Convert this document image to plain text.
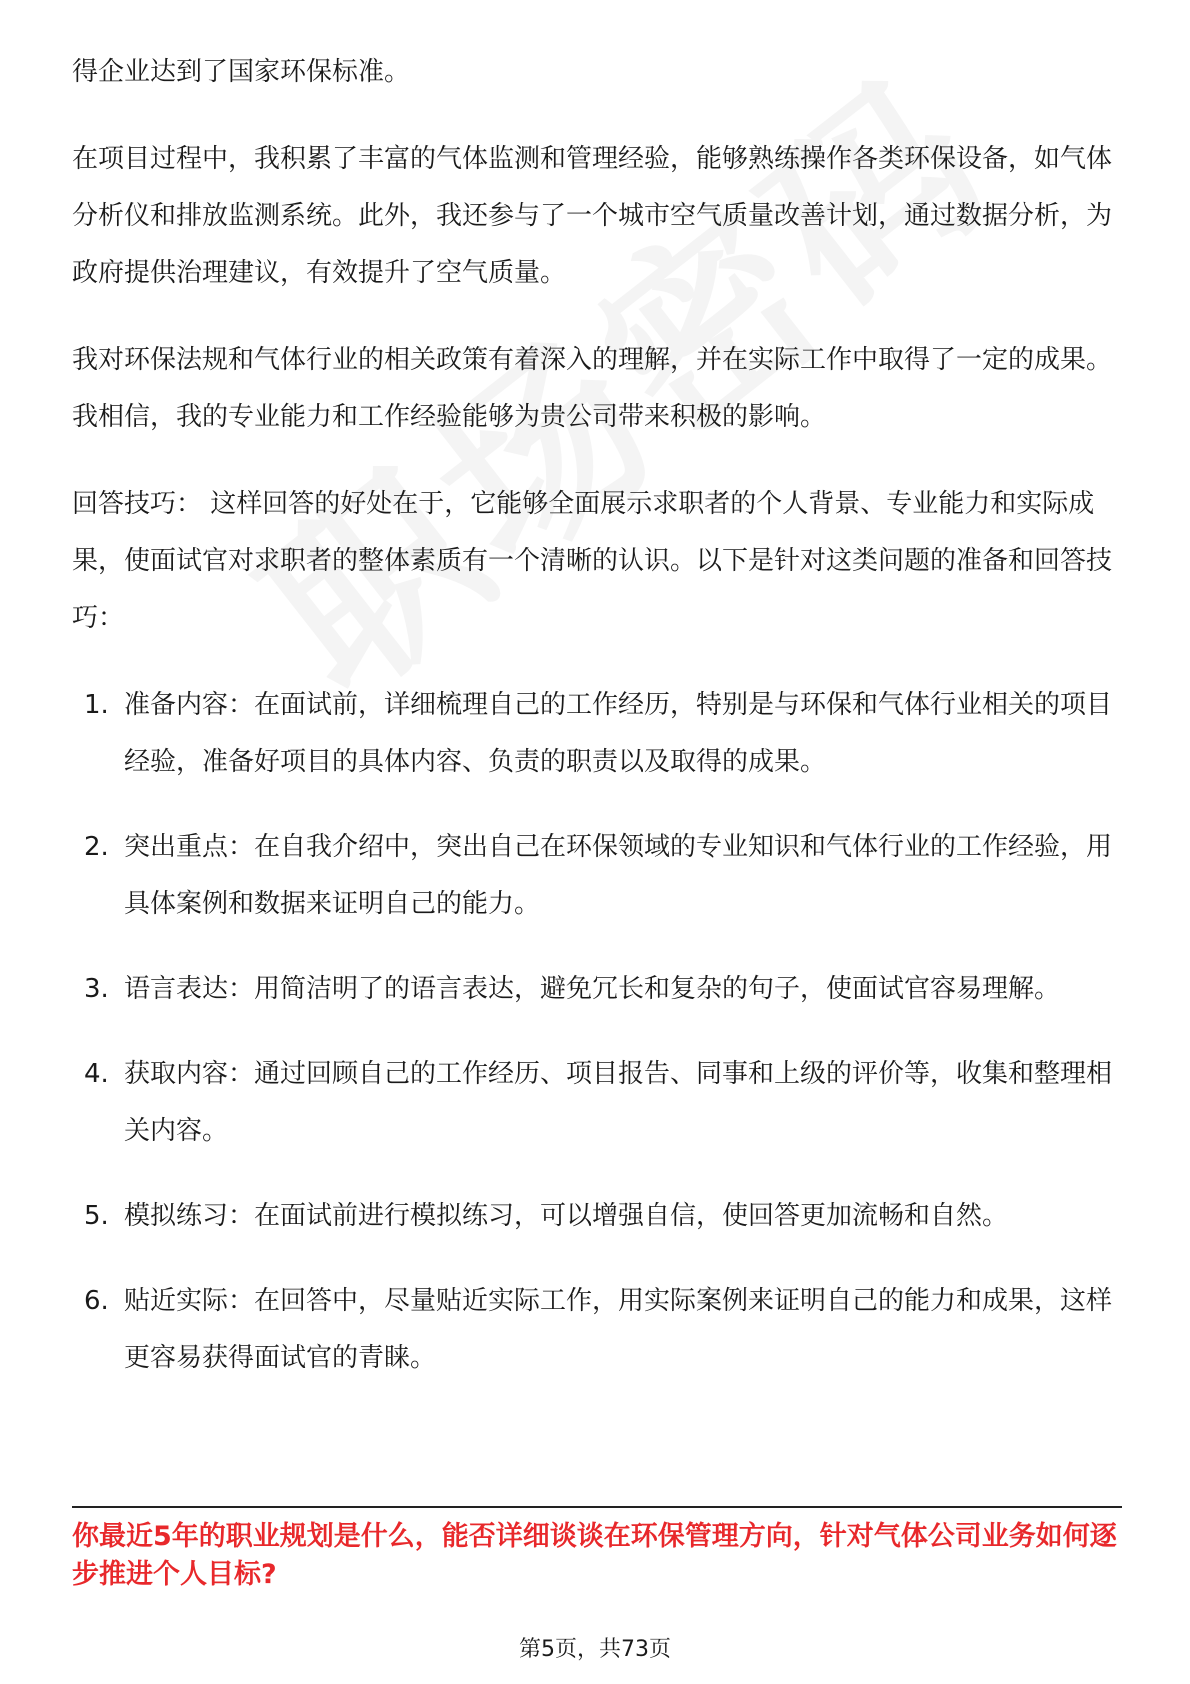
得企业达到了国家环保标准。

在项目过程中，我积累了丰富的气体监测和管理经验，能够熟练操作各类环保设备，如气体分析仪和排放监测系统。此外，我还参与了一个城市空气质量改善计划，通过数据分析，为政府提供治理建议，有效提升了空气质量。

我对环保法规和气体行业的相关政策有着深入的理解，并在实际工作中取得了一定的成果。我相信，我的专业能力和工作经验能够为贵公司带来积极的影响。

回答技巧： 这样回答的好处在于，它能够全面展示求职者的个人背景、专业能力和实际成果，使面试官对求职者的整体素质有一个清晰的认识。以下是针对这类问题的准备和回答技巧：

1. 准备内容：在面试前，详细梳理自己的工作经历，特别是与环保和气体行业相关的项目经验，准备好项目的具体内容、负责的职责以及取得的成果。
2. 突出重点：在自我介绍中，突出自己在环保领域的专业知识和气体行业的工作经验，用具体案例和数据来证明自己的能力。
3. 语言表达：用简洁明了的语言表达，避免冗长和复杂的句子，使面试官容易理解。
4. 获取内容：通过回顾自己的工作经历、项目报告、同事和上级的评价等，收集和整理相关内容。
5. 模拟练习：在面试前进行模拟练习，可以增强自信，使回答更加流畅和自然。
6. 贴近实际：在回答中，尽量贴近实际工作，用实际案例来证明自己的能力和成果，这样更容易获得面试官的青睐。
你最近5年的职业规划是什么，能否详细谈谈在环保管理方向，针对气体公司业务如何逐步推进个人目标?
第5页，共73页
